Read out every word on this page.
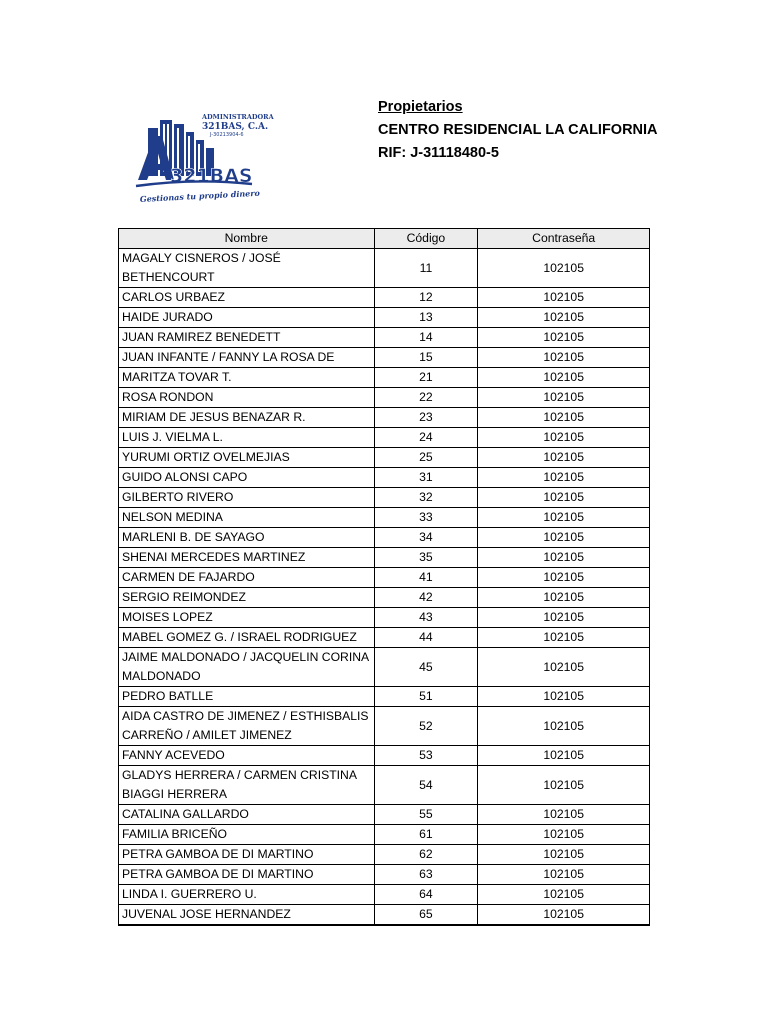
ADMINISTRADORA
321BAS, C.A.
J-30213904-6
321BAS
Gestionas tu propio dinero
Propietarios
CENTRO RESIDENCIAL LA CALIFORNIA
RIF: J-31118480-5
Nombre	Código	Contraseña
MAGALY CISNEROS / JOSÉ BETHENCOURT	11	102105
CARLOS URBAEZ	12	102105
HAIDE JURADO	13	102105
JUAN RAMIREZ BENEDETT	14	102105
JUAN INFANTE / FANNY LA ROSA DE	15	102105
MARITZA TOVAR T.	21	102105
ROSA RONDON	22	102105
MIRIAM DE JESUS BENAZAR R.	23	102105
LUIS J. VIELMA L.	24	102105
YURUMI ORTIZ OVELMEJIAS	25	102105
GUIDO ALONSI CAPO	31	102105
GILBERTO RIVERO	32	102105
NELSON MEDINA	33	102105
MARLENI B. DE SAYAGO	34	102105
SHENAI MERCEDES MARTINEZ	35	102105
CARMEN DE FAJARDO	41	102105
SERGIO REIMONDEZ	42	102105
MOISES LOPEZ	43	102105
MABEL GOMEZ G. / ISRAEL RODRIGUEZ	44	102105
JAIME MALDONADO / JACQUELIN CORINA MALDONADO	45	102105
PEDRO BATLLE	51	102105
AIDA CASTRO DE JIMENEZ / ESTHISBALIS CARREÑO / AMILET JIMENEZ	52	102105
FANNY ACEVEDO	53	102105
GLADYS HERRERA / CARMEN CRISTINA BIAGGI HERRERA	54	102105
CATALINA GALLARDO	55	102105
FAMILIA BRICEÑO	61	102105
PETRA GAMBOA DE DI MARTINO	62	102105
PETRA GAMBOA DE DI MARTINO	63	102105
LINDA I. GUERRERO U.	64	102105
JUVENAL JOSE HERNANDEZ	65	102105
